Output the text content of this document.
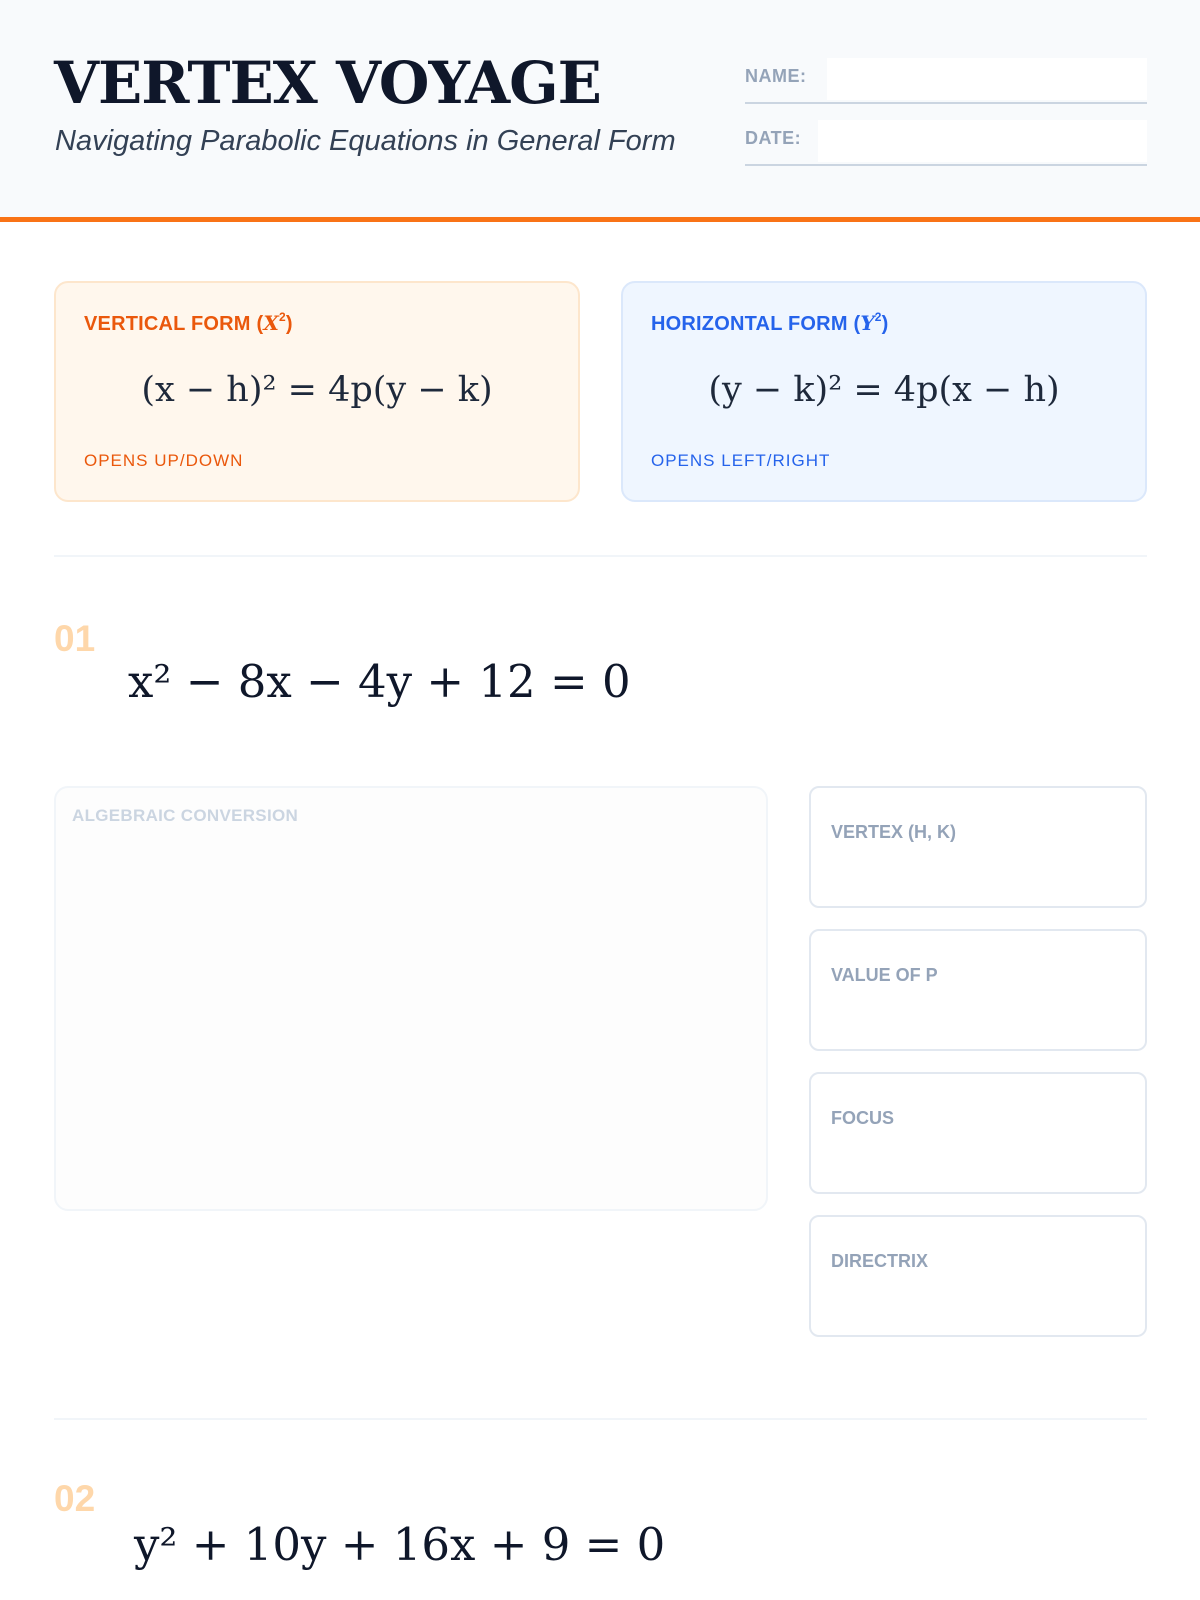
VERTEX VOYAGE
Navigating Parabolic Equations in General Form
NAME:
DATE:
VERTICAL FORM $(X^2)$
(x − h)² = 4p(y − k)
OPENS UP/DOWN
HORIZONTAL FORM $(Y^2)$
(y − k)² = 4p(x − h)
OPENS LEFT/RIGHT
01
x² − 8x − 4y + 12 = 0
ALGEBRAIC CONVERSION
VERTEX (H, K)
VALUE OF P
FOCUS
DIRECTRIX
02
y² + 10y + 16x + 9 = 0
